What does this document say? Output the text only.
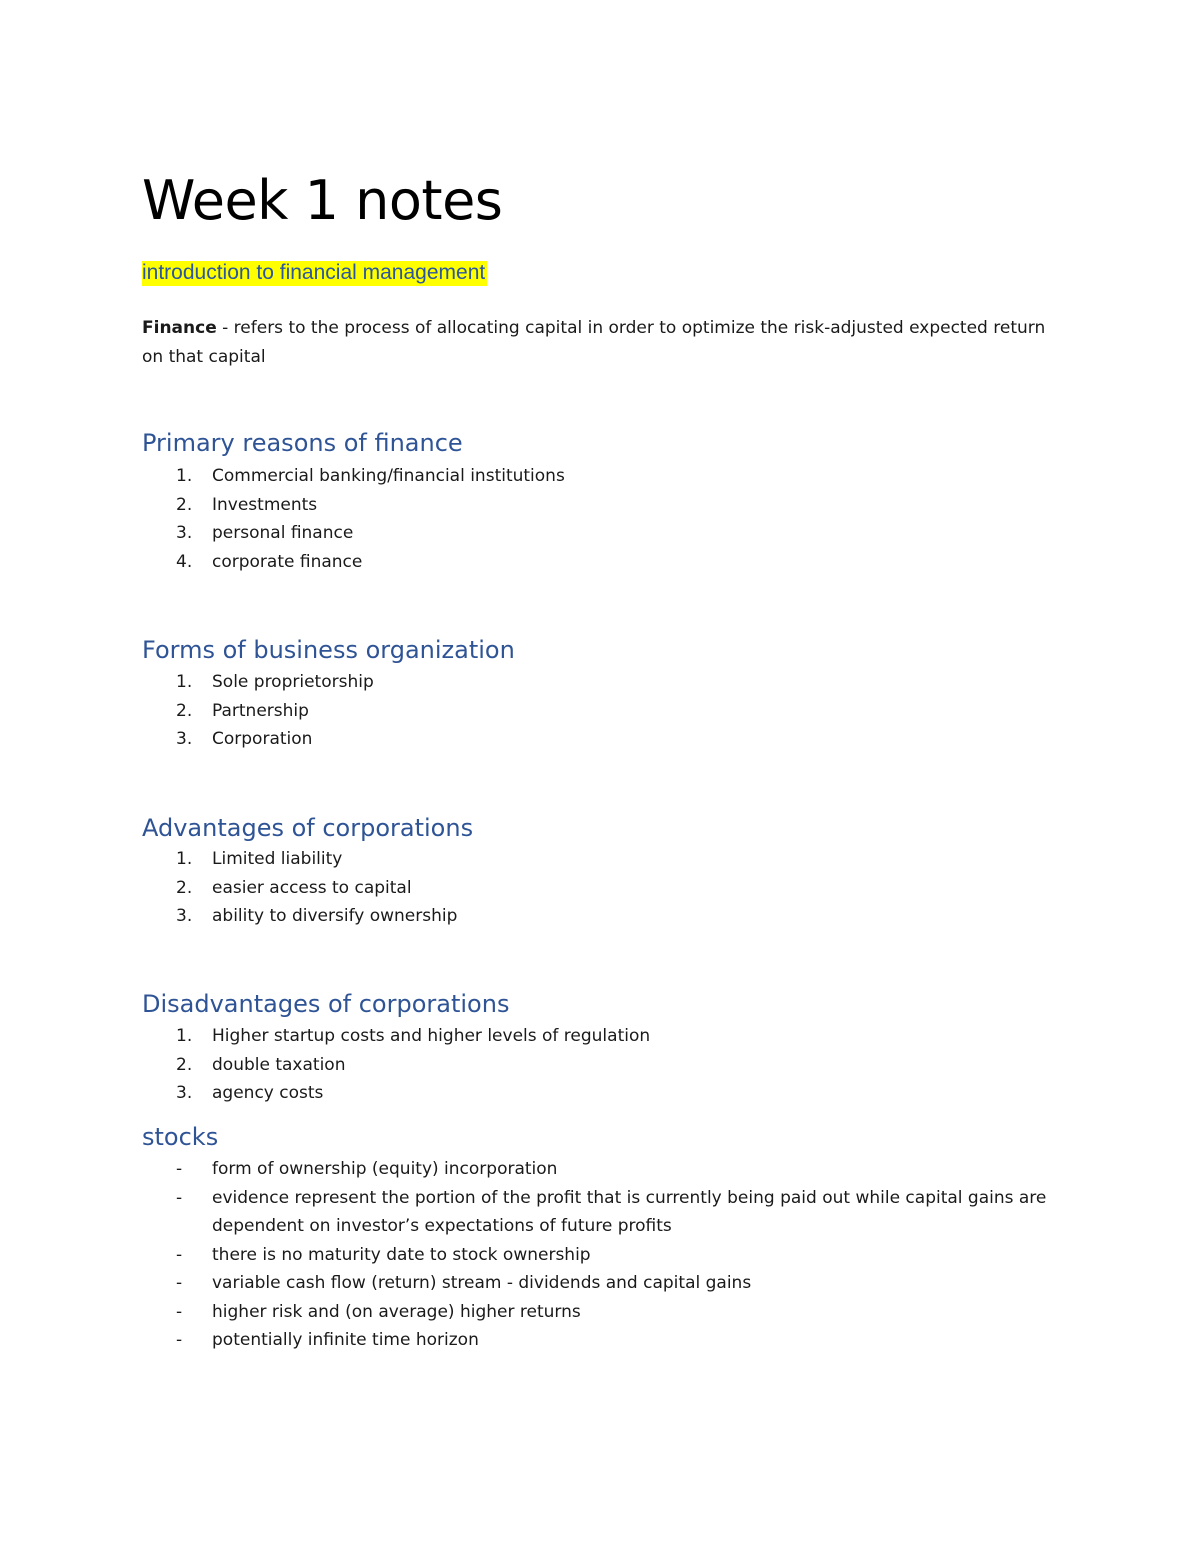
Week 1 notes

introduction to financial management

Finance - refers to the process of allocating capital in order to optimize the risk-adjusted expected return on that capital

Primary reasons of finance
1. Commercial banking/financial institutions
2. Investments
3. personal finance
4. corporate finance
Forms of business organization
1. Sole proprietorship
2. Partnership
3. Corporation
Advantages of corporations
1. Limited liability
2. easier access to capital
3. ability to diversify ownership
Disadvantages of corporations
1. Higher startup costs and higher levels of regulation
2. double taxation
3. agency costs
stocks
- form of ownership (equity) incorporation
- evidence represent the portion of the profit that is currently being paid out while capital gains are dependent on investor’s expectations of future profits
- there is no maturity date to stock ownership
- variable cash flow (return) stream - dividends and capital gains
- higher risk and (on average) higher returns
- potentially infinite time horizon
